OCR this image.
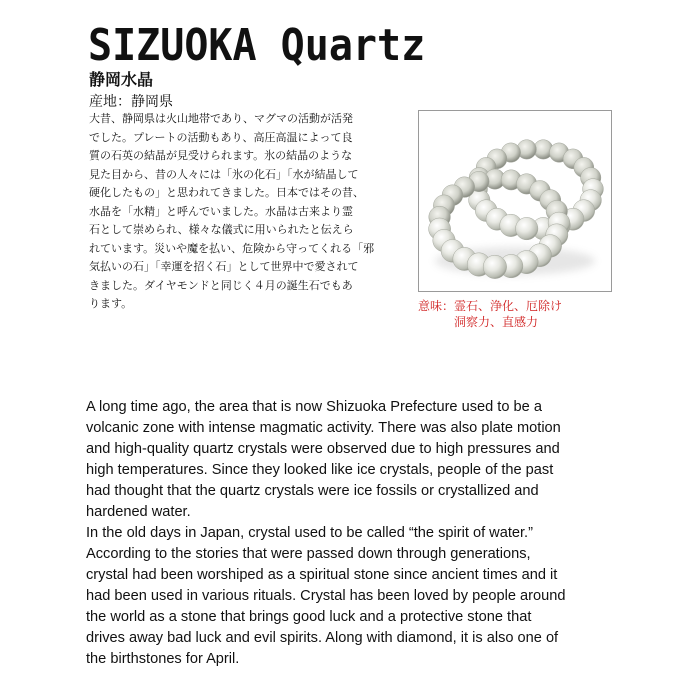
SIZUOKA Quartz
静岡水晶
産地：静岡県
大昔、静岡県は火山地帯であり、マグマの活動が活発
でした。プレートの活動もあり、高圧高温によって良
質の石英の結晶が見受けられます。氷の結晶のような
見た目から、昔の人々には「氷の化石」「水が結晶して
硬化したもの」と思われてきました。日本ではその昔、
水晶を「水精」と呼んでいました。水晶は古来より霊
石として崇められ、様々な儀式に用いられたと伝えら
れています。災いや魔を払い、危険から守ってくれる「邪
気払いの石」「幸運を招く石」として世界中で愛されて
きました。ダイヤモンドと同じく４月の誕生石でもあ
ります。	意味：霊石、浄化、厄除け
洞察力、直感力
A long time ago, the area that is now Shizuoka Prefecture used to be a
volcanic zone with intense magmatic activity. There was also plate motion
and high-quality quartz crystals were observed due to high pressures and
high temperatures. Since they looked like ice crystals, people of the past
had thought that the quartz crystals were ice fossils or crystallized and
hardened water.
In the old days in Japan, crystal used to be called “the spirit of water.”
According to the stories that were passed down through generations,
crystal had been worshiped as a spiritual stone since ancient times and it
had been used in various rituals. Crystal has been loved by people around
the world as a stone that brings good luck and a protective stone that
drives away bad luck and evil spirits. Along with diamond, it is also one of
the birthstones for April.
